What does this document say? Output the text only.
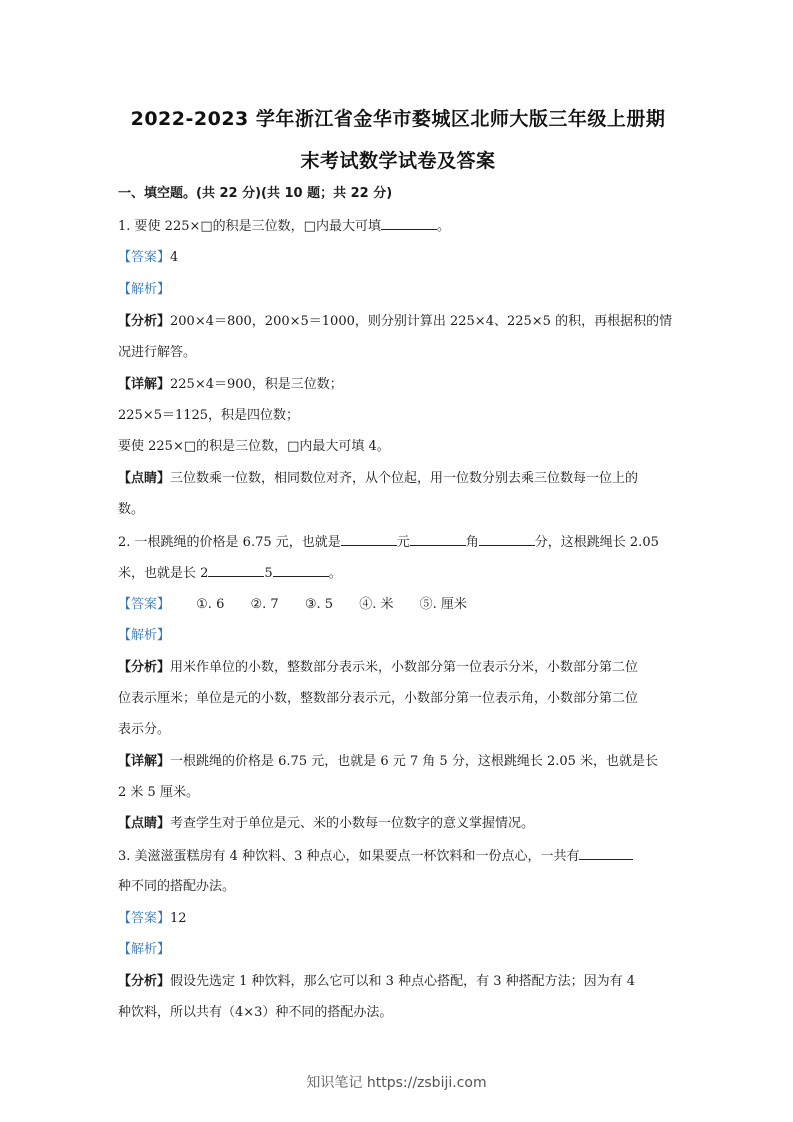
2022-2023 学年浙江省金华市婺城区北师大版三年级上册期
末考试数学试卷及答案
一、填空题。(共 22 分)(共 10 题；共 22 分)
1. 要使 225×□的积是三位数，□内最大可填	。
【答案】4
【解析】
【分析】200×4＝800，200×5＝1000，则分别计算出 225×4、225×5 的积，再根据积的情
况进行解答。
【详解】225×4＝900，积是三位数；
225×5＝1125，积是四位数；
要使 225×□的积是三位数，□内最大可填 4。
【点睛】三位数乘一位数，相同数位对齐，从个位起，用一位数分别去乘三位数每一位上的
数。
2. 一根跳绳的价格是 6.75 元，也就是	元	角	分，这根跳绳长 2.05
米，也就是长 2	5	。
【答案】 ①. 6 ②. 7 ③. 5 ④. 米 ⑤. 厘米
【解析】
【分析】用米作单位的小数，整数部分表示米，小数部分第一位表示分米，小数部分第二位
位表示厘米；单位是元的小数，整数部分表示元，小数部分第一位表示角，小数部分第二位
表示分。
【详解】一根跳绳的价格是 6.75 元，也就是 6 元 7 角 5 分，这根跳绳长 2.05 米，也就是长
2 米 5 厘米。
【点睛】考查学生对于单位是元、米的小数每一位数字的意义掌握情况。
3. 美滋滋蛋糕房有 4 种饮料、3 种点心，如果要点一杯饮料和一份点心，一共有
种不同的搭配办法。
【答案】12
【解析】
【分析】假设先选定 1 种饮料，那么它可以和 3 种点心搭配，有 3 种搭配方法；因为有 4
种饮料，所以共有（4×3）种不同的搭配办法。
知识笔记 https://zsbiji.com
